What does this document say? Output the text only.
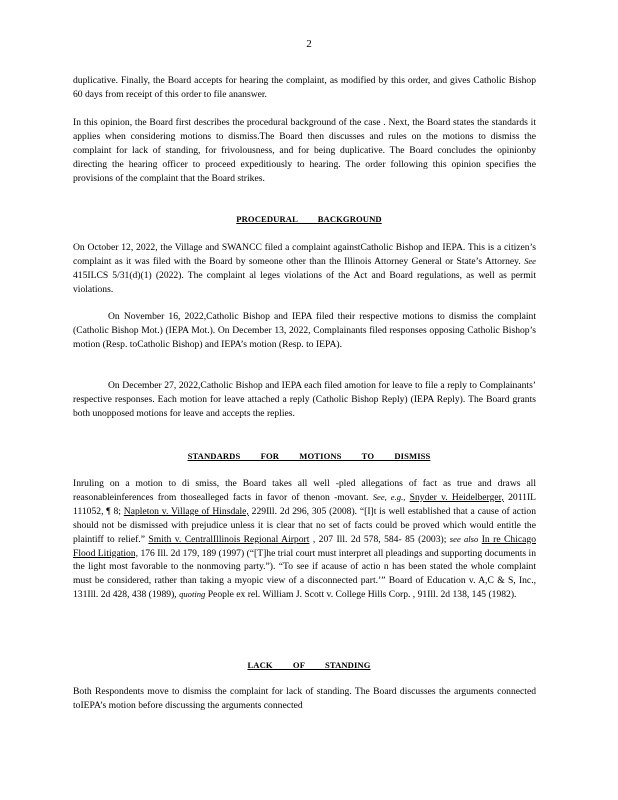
2

duplicative. Finally, the Board accepts for hearing the complaint, as modified by this order, and gives Catholic Bishop 60 days from receipt of this order to file ananswer.

In this opinion, the Board first describes the procedural background of the case . Next, the Board states the standards it applies when considering motions to dismiss.The Board then discusses and rules on the motions to dismiss the complaint for lack of standing, for frivolousness, and for being duplicative. The Board concludes the opinionby directing the hearing officer to proceed expeditiously to hearing. The order following this opinion specifies the provisions of the complaint that the Board strikes.

PROCEDURAL BACKGROUND

On October 12, 2022, the Village and SWANCC filed a complaint againstCatholic Bishop and IEPA. This is a citizen’s complaint as it was filed with the Board by someone other than the Illinois Attorney General or State’s Attorney. See 415ILCS 5/31(d)(1) (2022). The complaint al leges violations of the Act and Board regulations, as well as permit violations.

On November 16, 2022,Catholic Bishop and IEPA filed their respective motions to dismiss the complaint (Catholic Bishop Mot.) (IEPA Mot.). On December 13, 2022, Complainants filed responses opposing Catholic Bishop’s motion (Resp. toCatholic Bishop) and IEPA’s motion (Resp. to IEPA).

On December 27, 2022,Catholic Bishop and IEPA each filed amotion for leave to file a reply to Complainants’ respective responses. Each motion for leave attached a reply (Catholic Bishop Reply) (IEPA Reply). The Board grants both unopposed motions for leave and accepts the replies.

STANDARDS FOR MOTIONS TO DISMISS

Inruling on a motion to di smiss, the Board takes all well -pled allegations of fact as true and draws all reasonableinferences from thosealleged facts in favor of thenon -movant. See, e.g., Snyder v. Heidelberger, 2011IL 111052, ¶ 8; Napleton v. Village of Hinsdale, 229Ill. 2d 296, 305 (2008). “[I]t is well established that a cause of action should not be dismissed with prejudice unless it is clear that no set of facts could be proved which would entitle the plaintiff to relief.” Smith v. CentralIllinois Regional Airport , 207 Ill. 2d 578, 584- 85 (2003); see also In re Chicago Flood Litigation, 176 Ill. 2d 179, 189 (1997) (“[T]he trial court must interpret all pleadings and supporting documents in the light most favorable to the nonmoving party.”). “To see if acause of actio n has been stated the whole complaint must be considered, rather than taking a myopic view of a disconnected part.’” Board of Education v. A,C & S, Inc., 131Ill. 2d 428, 438 (1989), quoting People ex rel. William J. Scott v. College Hills Corp. , 91Ill. 2d 138, 145 (1982).

LACK OF STANDING

Both Respondents move to dismiss the complaint for lack of standing. The Board discusses the arguments connected toIEPA’s motion before discussing the arguments connected
